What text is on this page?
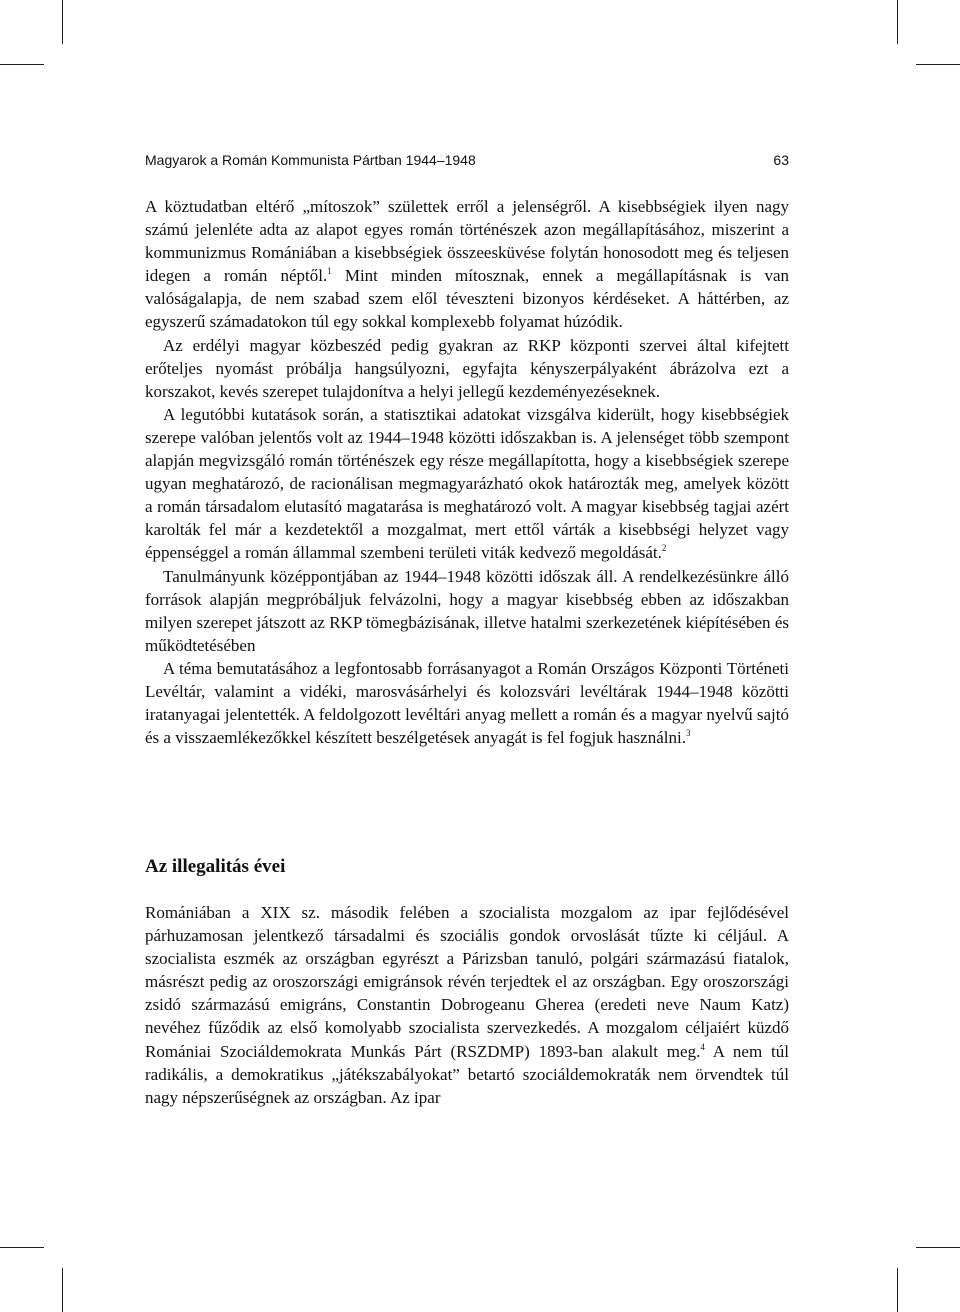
Magyarok a Román Kommunista Pártban 1944–1948	63

A köztudatban eltérő „mítoszok” születtek erről a jelenségről. A kisebbségiek ilyen nagy számú jelenléte adta az alapot egyes román történészek azon megállapításához, miszerint a kommunizmus Romániában a kisebbségiek összeesküvése folytán honosodott meg és teljesen idegen a román néptől.$^1$ Mint minden mítosznak, ennek a megállapításnak is van valóságalapja, de nem szabad szem elől téveszteni bizonyos kérdéseket. A háttérben, az egyszerű számadatokon túl egy sokkal komplexebb folyamat húzódik.

Az erdélyi magyar közbeszéd pedig gyakran az RKP központi szervei által kifejtett erőteljes nyomást próbálja hangsúlyozni, egyfajta kényszerpályaként ábrázolva ezt a korszakot, kevés szerepet tulajdonítva a helyi jellegű kezdeményezéseknek.

A legutóbbi kutatások során, a statisztikai adatokat vizsgálva kiderült, hogy kisebbségiek szerepe valóban jelentős volt az 1944–1948 közötti időszakban is. A jelenséget több szempont alapján megvizsgáló román történészek egy része megállapította, hogy a kisebbségiek szerepe ugyan meghatározó, de racionálisan megmagyarázható okok határozták meg, amelyek között a román társadalom elutasító magatarása is meghatározó volt. A magyar kisebbség tagjai azért karolták fel már a kezdetektől a mozgalmat, mert ettől várták a kisebbségi helyzet vagy éppenséggel a román állammal szembeni területi viták kedvező megoldását.$^2$

Tanulmányunk középpontjában az 1944–1948 közötti időszak áll. A rendelkezésünkre álló források alapján megpróbáljuk felvázolni, hogy a magyar kisebbség ebben az időszakban milyen szerepet játszott az RKP tömegbázisának, illetve hatalmi szerkezetének kiépítésében és működtetésében

A téma bemutatásához a legfontosabb forrásanyagot a Román Országos Központi Történeti Levéltár, valamint a vidéki, marosvásárhelyi és kolozsvári levéltárak 1944–1948 közötti iratanyagai jelentették. A feldolgozott levéltári anyag mellett a román és a magyar nyelvű sajtó és a visszaemlékezőkkel készített beszélgetések anyagát is fel fogjuk használni.$^3$

Az illegalitás évei

Romániában a XIX sz. második felében a szocialista mozgalom az ipar fejlődésével párhuzamosan jelentkező társadalmi és szociális gondok orvoslását tűzte ki céljául. A szocialista eszmék az országban egyrészt a Párizsban tanuló, polgári származású fiatalok, másrészt pedig az oroszországi emigránsok révén terjedtek el az országban. Egy oroszországi zsidó származású emigráns, Constantin Dobrogeanu Gherea (eredeti neve Naum Katz) nevéhez fűződik az első komolyabb szocialista szervezkedés. A mozgalom céljaiért küzdő Romániai Szociáldemokrata Munkás Párt (RSZDMP) 1893-ban alakult meg.$^4$ A nem túl radikális, a demokratikus „játékszabályokat” betartó szociáldemokraták nem örvendtek túl nagy népszerűségnek az országban. Az ipar
